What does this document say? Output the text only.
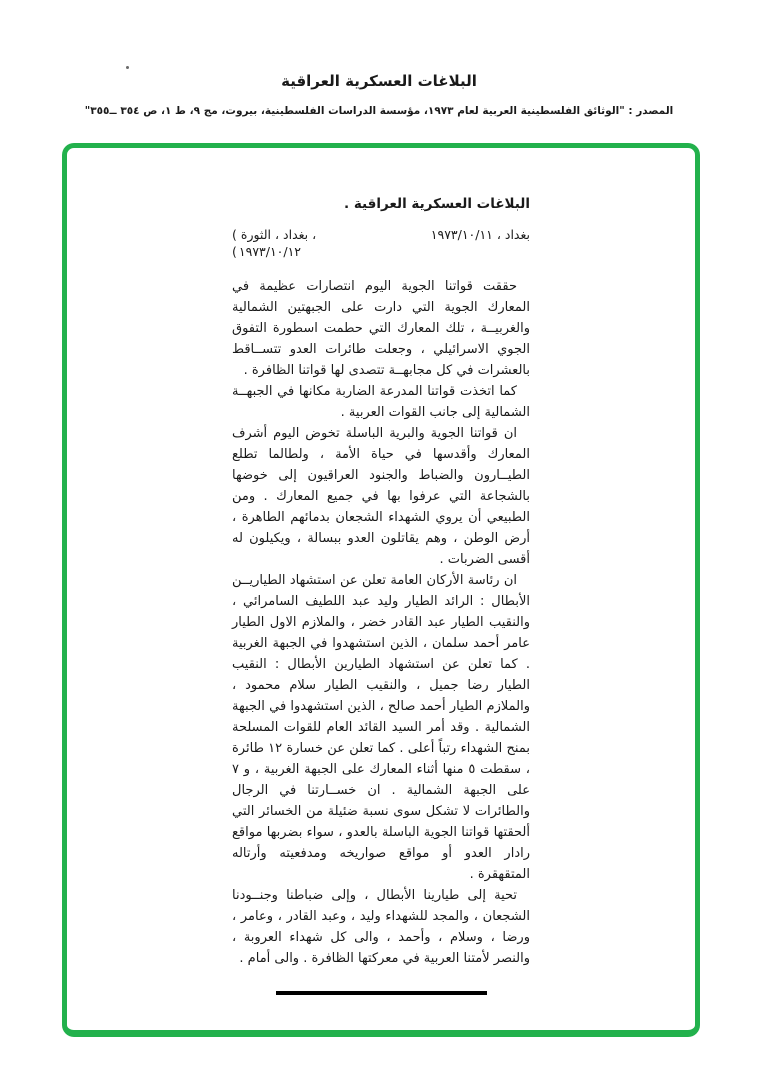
البلاغات العسكرية العراقية
المصدر : "الوثائق الفلسطينية العربية لعام ١٩٧٣، مؤسسة الدراسات الفلسطينية، بيروت، مج ٩، ط ١، ص ٣٥٤ ــ٣٥٥"

البلاغات العسكرية العراقية .

( الثورة ، بغداد ،
( ١٩٧٣/١٠/١٢
بغداد ، ١٩٧٣/١٠/١١

حققت قواتنا الجوية اليوم انتصارات عظيمة في المعارك الجوية التي دارت على الجبهتين الشمالية والغربيــة ، تلك المعارك التي حطمت اسطورة التفوق الجوي الاسرائيلي ، وجعلت طائرات العدو تتســاقط بالعشرات في كل مجابهــة تتصدى لها قواتنا الظافرة .

كما اتخذت قواتنا المدرعة الضاربة مكانها في الجبهــة الشمالية إلى جانب القوات العربية .

ان قواتنا الجوية والبرية الباسلة تخوض اليوم أشرف المعارك وأقدسها في حياة الأمة ، ولطالما تطلع الطيــارون والضباط والجنود العراقيون إلى خوضها بالشجاعة التي عرفوا بها في جميع المعارك . ومن الطبيعي أن يروي الشهداء الشجعان بدمائهم الطاهرة ، أرض الوطن ، وهم يقاتلون العدو ببسالة ، ويكيلون له أقسى الضربات .

ان رئاسة الأركان العامة تعلن عن استشهاد الطياريــن الأبطال : الرائد الطيار وليد عبد اللطيف السامرائي ، والنقيب الطيار عبد القادر خضر ، والملازم الاول الطيار عامر أحمد سلمان ، الذين استشهدوا في الجبهة الغربية . كما تعلن عن استشهاد الطيارين الأبطال : النقيب الطيار رضا جميل ، والنقيب الطيار سلام محمود ، والملازم الطيار أحمد صالح ، الذين استشهدوا في الجبهة الشمالية . وقد أمر السيد القائد العام للقوات المسلحة بمنح الشهداء رتباً أعلى . كما تعلن عن خسارة ١٢ طائرة ، سقطت ٥ منها أثناء المعارك على الجبهة الغربية ، و ٧ على الجبهة الشمالية . ان خســارتنا في الرجال والطائرات لا تشكل سوى نسبة ضئيلة من الخسائر التي ألحقتها قواتنا الجوية الباسلة بالعدو ، سواء بضربها مواقع رادار العدو أو مواقع صواريخه ومدفعيته وأرتاله المتقهقرة .

تحية إلى طيارينا الأبطال ، وإلى ضباطنا وجنــودنا الشجعان ، والمجد للشهداء وليد ، وعبد القادر ، وعامر ، ورضا ، وسلام ، وأحمد ، والى كل شهداء العروبة ، والنصر لأمتنا العربية في معركتها الظافرة . والى أمام .
